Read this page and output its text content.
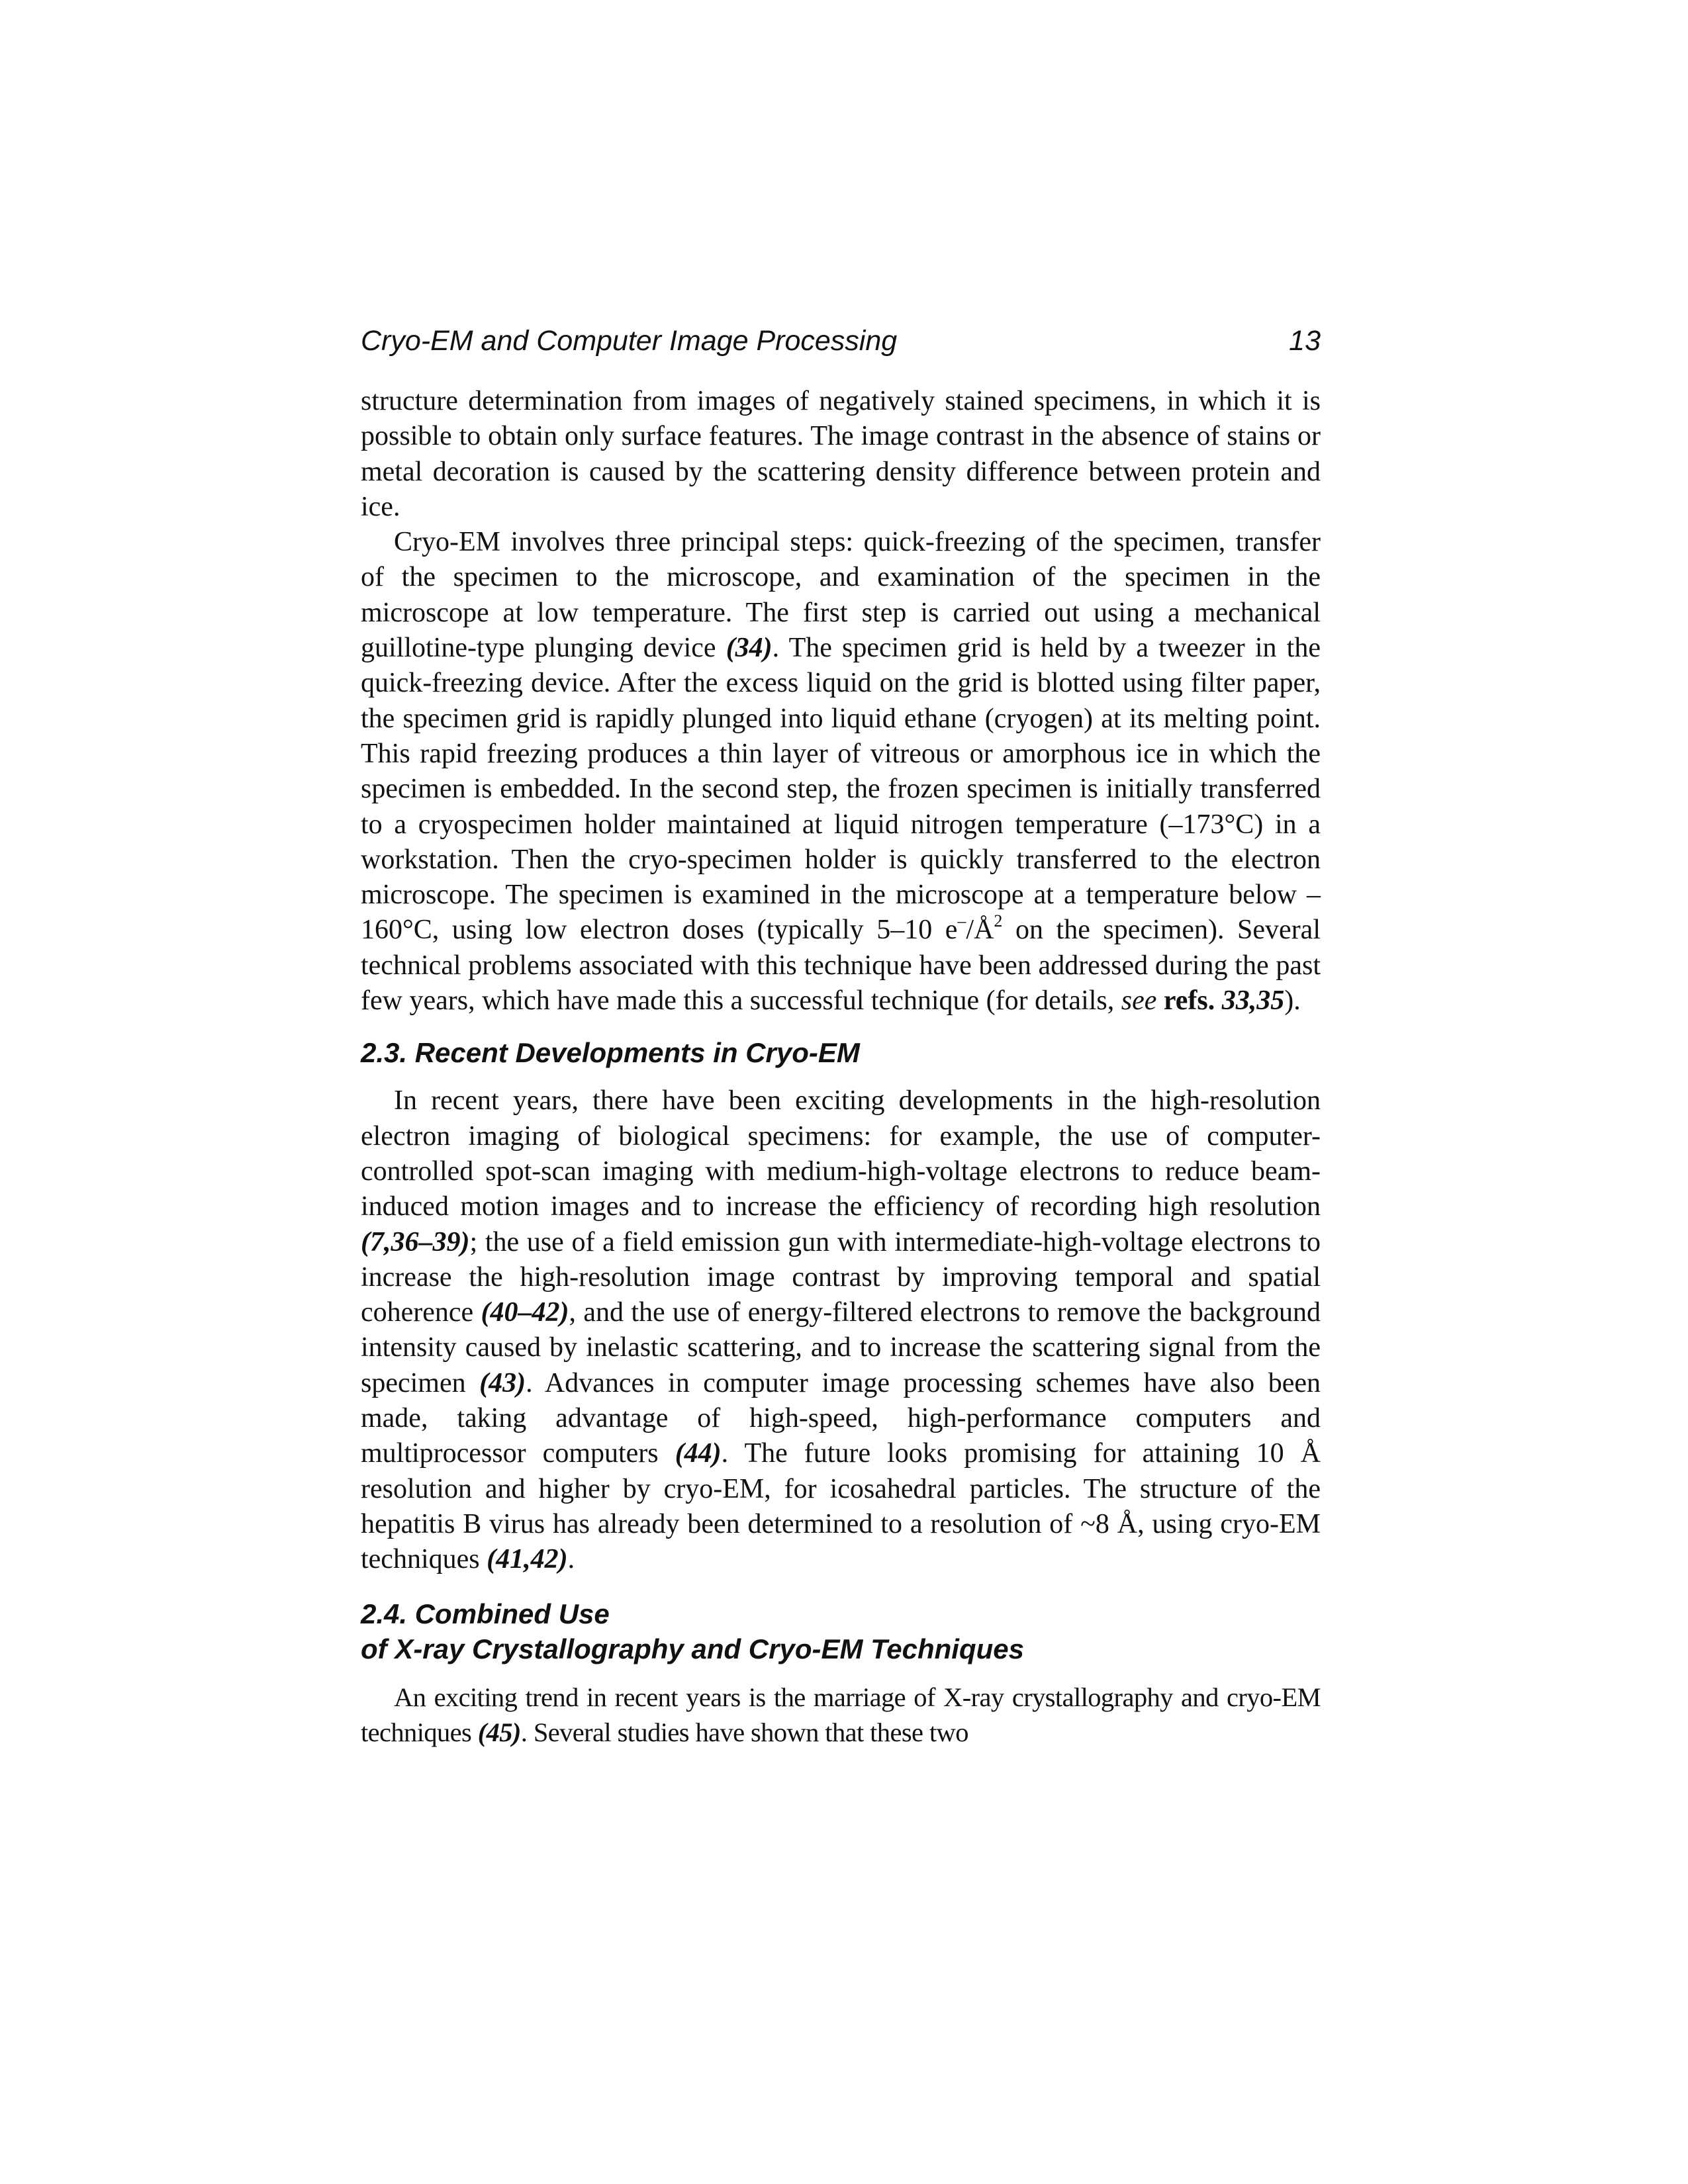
Cryo-EM and Computer Image Processing	13

structure determination from images of negatively stained specimens, in which it is possible to obtain only surface features. The image contrast in the absence of stains or metal decoration is caused by the scattering density difference between protein and ice.

Cryo-EM involves three principal steps: quick-freezing of the specimen, transfer of the specimen to the microscope, and examination of the specimen in the microscope at low temperature. The first step is carried out using a mechanical guillotine-type plunging device (34). The specimen grid is held by a tweezer in the quick-freezing device. After the excess liquid on the grid is blotted using filter paper, the specimen grid is rapidly plunged into liquid ethane (cryogen) at its melting point. This rapid freezing produces a thin layer of vitreous or amorphous ice in which the specimen is embedded. In the second step, the frozen specimen is initially transferred to a cryospecimen holder maintained at liquid nitrogen temperature (–173°C) in a workstation. Then the cryo-specimen holder is quickly transferred to the electron microscope. The specimen is examined in the microscope at a temperature below –160°C, using low electron doses (typically 5–10 $e^-/Å^2$ on the specimen). Several technical problems associated with this technique have been addressed during the past few years, which have made this a successful technique (for details, see refs. 33,35).

2.3. Recent Developments in Cryo-EM

In recent years, there have been exciting developments in the high-resolution electron imaging of biological specimens: for example, the use of computer-controlled spot-scan imaging with medium-high-voltage electrons to reduce beam-induced motion images and to increase the efficiency of recording high resolution (7,36–39); the use of a field emission gun with intermediate-high-voltage electrons to increase the high-resolution image contrast by improving temporal and spatial coherence (40–42), and the use of energy-filtered electrons to remove the background intensity caused by inelastic scattering, and to increase the scattering signal from the specimen (43). Advances in computer image processing schemes have also been made, taking advantage of high-speed, high-performance computers and multiprocessor computers (44). The future looks promising for attaining 10 Å resolution and higher by cryo-EM, for icosahedral particles. The structure of the hepatitis B virus has already been determined to a resolution of ~8 Å, using cryo-EM techniques (41,42).

2.4. Combined Use
of X-ray Crystallography and Cryo-EM Techniques

An exciting trend in recent years is the marriage of X-ray crystallography and cryo-EM techniques (45). Several studies have shown that these two
